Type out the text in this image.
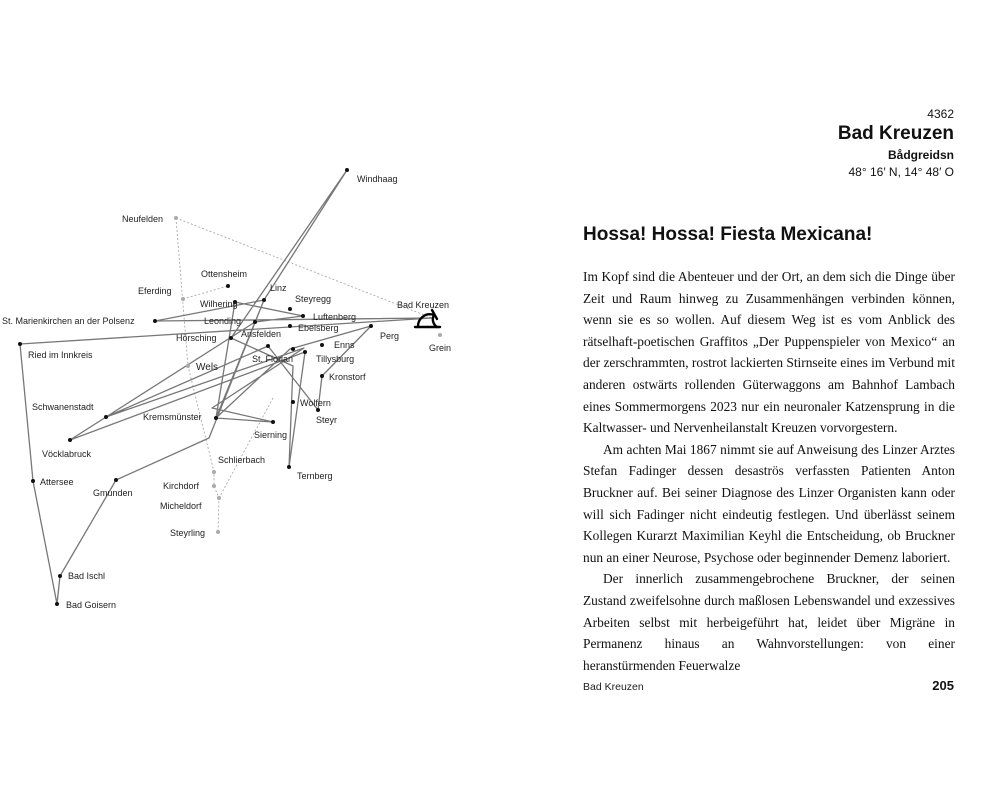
Windhaag
Neufelden
Ottensheim
Eferding	Linz
Wilhering	Steyregg
Bad Kreuzen
St. Marienkirchen an der Polsenz	Leonding	Luftenberg
Ebelsberg
Perg
Grein
Hörsching	Ansfelden
Enns
Ried im Innkreis	St. Florian	Tillysburg
Wels
Kronstorf
Schwanenstadt	Wolfern
Kremsmünster	Steyr
Sierning
Vöcklabruck
Schlierbach
Ternberg
Attersee	Kirchdorf
Gmunden
Micheldorf
Steyrling
Bad Ischl
Bad Goisern
4362
Bad Kreuzen
Bådgreidsn
48° 16′ N, 14° 48′ O
Hossa! Hossa! Fiesta Mexicana!

Im Kopf sind die Abenteuer und der Ort, an dem sich die Dinge über Zeit und Raum hinweg zu Zusammenhängen verbinden können, wenn sie es so wollen. Auf diesem Weg ist es vom Anblick des rätselhaft-poetischen Graffitos „Der Puppenspieler von Mexico“ an der zerschrammten, rostrot lackierten Stirnseite eines im Verbund mit anderen ostwärts rollenden Güterwaggons am Bahnhof Lambach eines Sommermorgens 2023 nur ein neuronaler Katzensprung in die Kaltwasser- und Nervenheilanstalt Kreuzen vorvorgestern.

Am achten Mai 1867 nimmt sie auf Anweisung des Linzer Arztes Stefan Fadinger dessen desaströs verfassten Patienten Anton Bruckner auf. Bei seiner Diagnose des Linzer Organisten kann oder will sich Fadinger nicht eindeutig festlegen. Und überlässt seinem Kollegen Kurarzt Maximilian Keyhl die Entscheidung, ob Bruckner nun an einer Neurose, Psychose oder beginnender Demenz laboriert.

Der innerlich zusammengebrochene Bruckner, der seinen Zustand zweifelsohne durch maßlosen Lebenswandel und exzessives Arbeiten selbst mit herbeigeführt hat, leidet über Migräne in Permanenz hinaus an Wahnvorstellungen: von einer heranstürmenden Feuerwalze

Bad Kreuzen	205
